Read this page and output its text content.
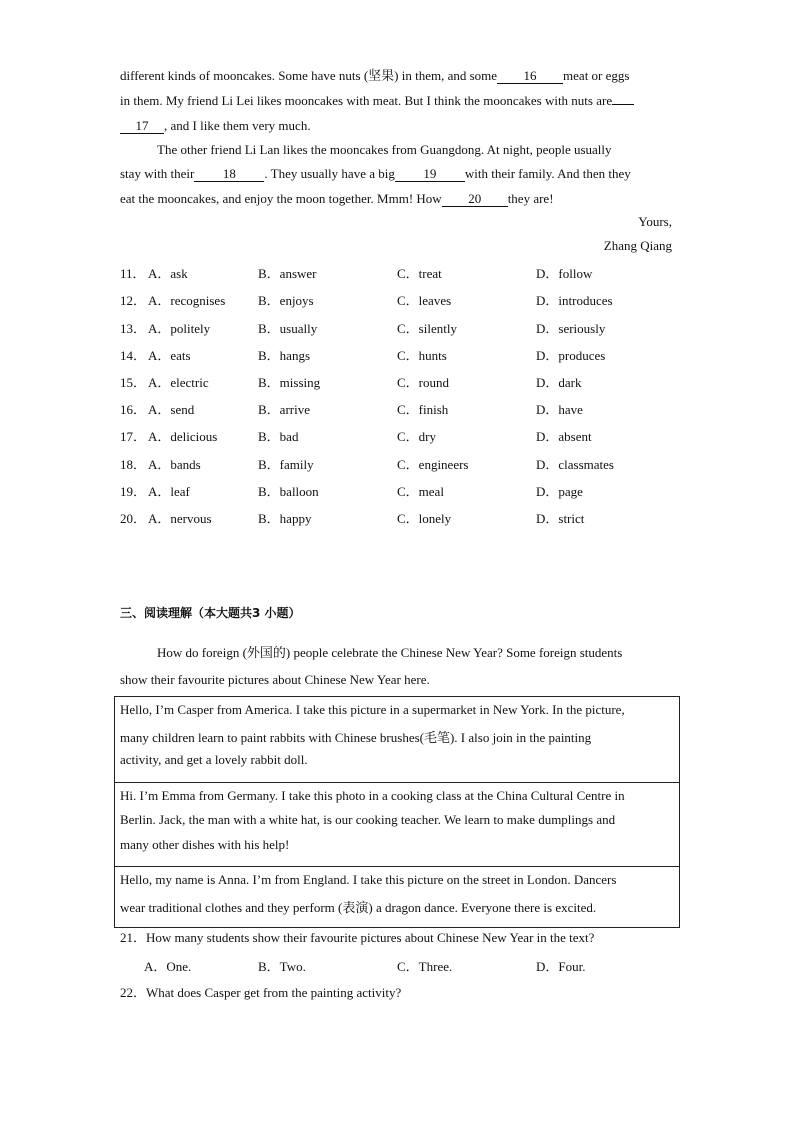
different kinds of mooncakes. Some have nuts (坚果) in them, and some 16 meat or eggs
in them. My friend Li Lei likes mooncakes with meat. But I think the mooncakes with nuts are
17 , and I like them very much.
The other friend Li Lan likes the mooncakes from Guangdong. At night, people usually
stay with their 18 . They usually have a big 19 with their family. And then they
eat the mooncakes, and enjoy the moon together. Mmm! How 20 they are!
Yours,
Zhang Qiang
11． A．ask	B．answer	C．treat	D．follow
12． A．recognises	B．enjoys	C．leaves	D．introduces
13． A．politely	B．usually	C．silently	D．seriously
14． A．eats	B．hangs	C．hunts	D．produces
15． A．electric	B．missing	C．round	D．dark
16． A．send	B．arrive	C．finish	D．have
17． A．delicious	B．bad	C．dry	D．absent
18． A．bands	B．family	C．engineers	D．classmates
19． A．leaf	B．balloon	C．meal	D．page
20． A．nervous	B．happy	C．lonely	D．strict
三、阅读理解（本大题共3 小题）
How do foreign (外国的) people celebrate the Chinese New Year? Some foreign students
show their favourite pictures about Chinese New Year here.
Hello, I’m Casper from America. I take this picture in a supermarket in New York. In the picture,
many children learn to paint rabbits with Chinese brushes(毛笔). I also join in the painting
activity, and get a lovely rabbit doll.
Hi. I’m Emma from Germany. I take this photo in a cooking class at the China Cultural Centre in
Berlin. Jack, the man with a white hat, is our cooking teacher. We learn to make dumplings and
many other dishes with his help!
Hello, my name is Anna. I’m from England. I take this picture on the street in London. Dancers
wear traditional clothes and they perform (表演) a dragon dance. Everyone there is excited.
21．How many students show their favourite pictures about Chinese New Year in the text?
A．One.	B．Two.	C．Three.	D．Four.
22．What does Casper get from the painting activity?
